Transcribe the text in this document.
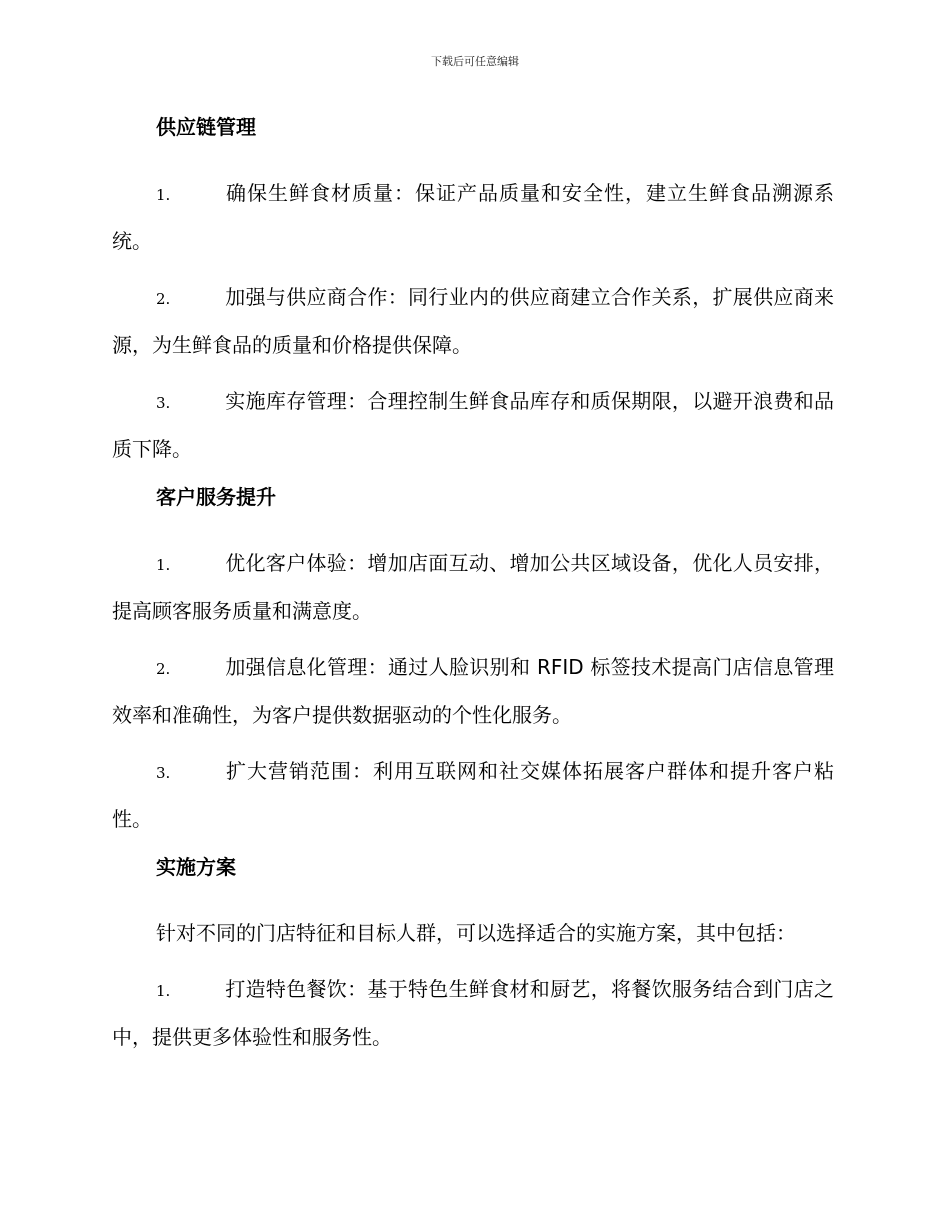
下载后可任意编辑
供应链管理

1.	确保生鲜食材质量：保证产品质量和安全性，建立生鲜食品溯源系统。

2.	加强与供应商合作：同行业内的供应商建立合作关系，扩展供应商来源，为生鲜食品的质量和价格提供保障。

3.	实施库存管理：合理控制生鲜食品库存和质保期限，以避开浪费和品质下降。

客户服务提升

1.	优化客户体验：增加店面互动、增加公共区域设备，优化人员安排，提高顾客服务质量和满意度。

2.	加强信息化管理：通过人脸识别和 RFID 标签技术提高门店信息管理效率和准确性，为客户提供数据驱动的个性化服务。

3.	扩大营销范围：利用互联网和社交媒体拓展客户群体和提升客户粘性。

实施方案

针对不同的门店特征和目标人群，可以选择适合的实施方案，其中包括：

1.	打造特色餐饮：基于特色生鲜食材和厨艺，将餐饮服务结合到门店之中，提供更多体验性和服务性。
